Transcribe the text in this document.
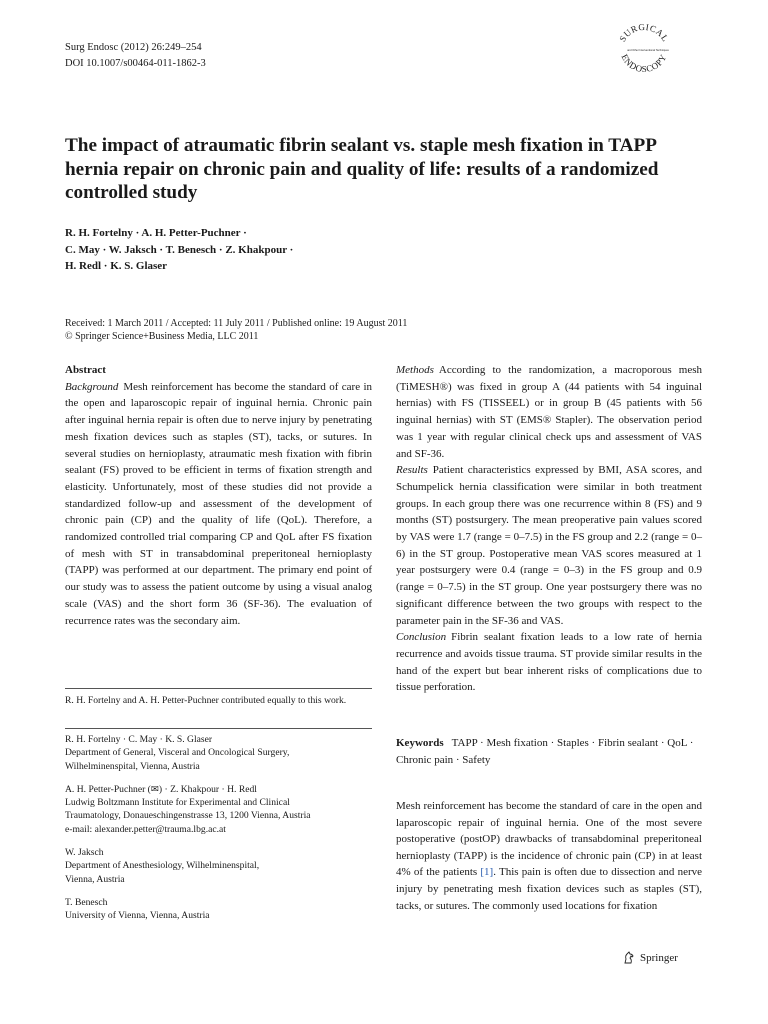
Surg Endosc (2012) 26:249–254
DOI 10.1007/s00464-011-1862-3
SURGICAL
ENDOSCOPY
and Other Interventional Techniques
The impact of atraumatic fibrin sealant vs. staple mesh fixation in TAPP hernia repair on chronic pain and quality of life: results of a randomized controlled study
R. H. Fortelny · A. H. Petter-Puchner ·
C. May · W. Jaksch · T. Benesch · Z. Khakpour ·
H. Redl · K. S. Glaser
Received: 1 March 2011 / Accepted: 11 July 2011 / Published online: 19 August 2011
© Springer Science+Business Media, LLC 2011
Abstract

Background Mesh reinforcement has become the standard of care in the open and laparoscopic repair of inguinal hernia. Chronic pain after inguinal hernia repair is often due to nerve injury by penetrating mesh fixation devices such as staples (ST), tacks, or sutures. In several studies on hernioplasty, atraumatic mesh fixation with fibrin sealant (FS) proved to be efficient in terms of fixation strength and elasticity. Unfortunately, most of these studies did not provide a standardized follow-up and assessment of the development of chronic pain (CP) and the quality of life (QoL). Therefore, a randomized controlled trial comparing CP and QoL after FS fixation of mesh with ST in transabdominal preperitoneal hernioplasty (TAPP) was performed at our department. The primary end point of our study was to assess the patient outcome by using a visual analog scale (VAS) and the short form 36 (SF-36). The evaluation of recurrence rates was the secondary aim.

R. H. Fortelny and A. H. Petter-Puchner contributed equally to this work.
R. H. Fortelny · C. May · K. S. Glaser
Department of General, Visceral and Oncological Surgery,
Wilhelminenspital, Vienna, Austria
A. H. Petter-Puchner (✉) · Z. Khakpour · H. Redl
Ludwig Boltzmann Institute for Experimental and Clinical
Traumatology, Donaueschingenstrasse 13, 1200 Vienna, Austria
e-mail: alexander.petter@trauma.lbg.ac.at
W. Jaksch
Department of Anesthesiology, Wilhelminenspital,
Vienna, Austria
T. Benesch
University of Vienna, Vienna, Austria

Methods According to the randomization, a macroporous mesh (TiMESH®) was fixed in group A (44 patients with 54 inguinal hernias) with FS (TISSEEL) or in group B (45 patients with 56 inguinal hernias) with ST (EMS® Stapler). The observation period was 1 year with regular clinical check ups and assessment of VAS and SF-36.

Results Patient characteristics expressed by BMI, ASA scores, and Schumpelick hernia classification were similar in both treatment groups. In each group there was one recurrence within 8 (FS) and 9 months (ST) postsurgery. The mean preoperative pain values scored by VAS were 1.7 (range = 0–7.5) in the FS group and 2.2 (range = 0–6) in the ST group. Postoperative mean VAS scores measured at 1 year postsurgery were 0.4 (range = 0–3) in the FS group and 0.9 (range = 0–7.5) in the ST group. One year postsurgery there was no significant difference between the two groups with respect to the parameter pain in the SF-36 and VAS.

Conclusion Fibrin sealant fixation leads to a low rate of hernia recurrence and avoids tissue trauma. ST provide similar results in the hand of the expert but bear inherent risks of complications due to tissue perforation.

Keywords TAPP · Mesh fixation · Staples · Fibrin sealant · QoL · Chronic pain · Safety
Mesh reinforcement has become the standard of care in the open and laparoscopic repair of inguinal hernia. One of the most severe postoperative (postOP) drawbacks of transabdominal preperitoneal hernioplasty (TAPP) is the incidence of chronic pain (CP) in at least 4% of the patients [1]. This pain is often due to dissection and nerve injury by penetrating mesh fixation devices such as staples (ST), tacks, or sutures. The commonly used locations for fixation
Springer
